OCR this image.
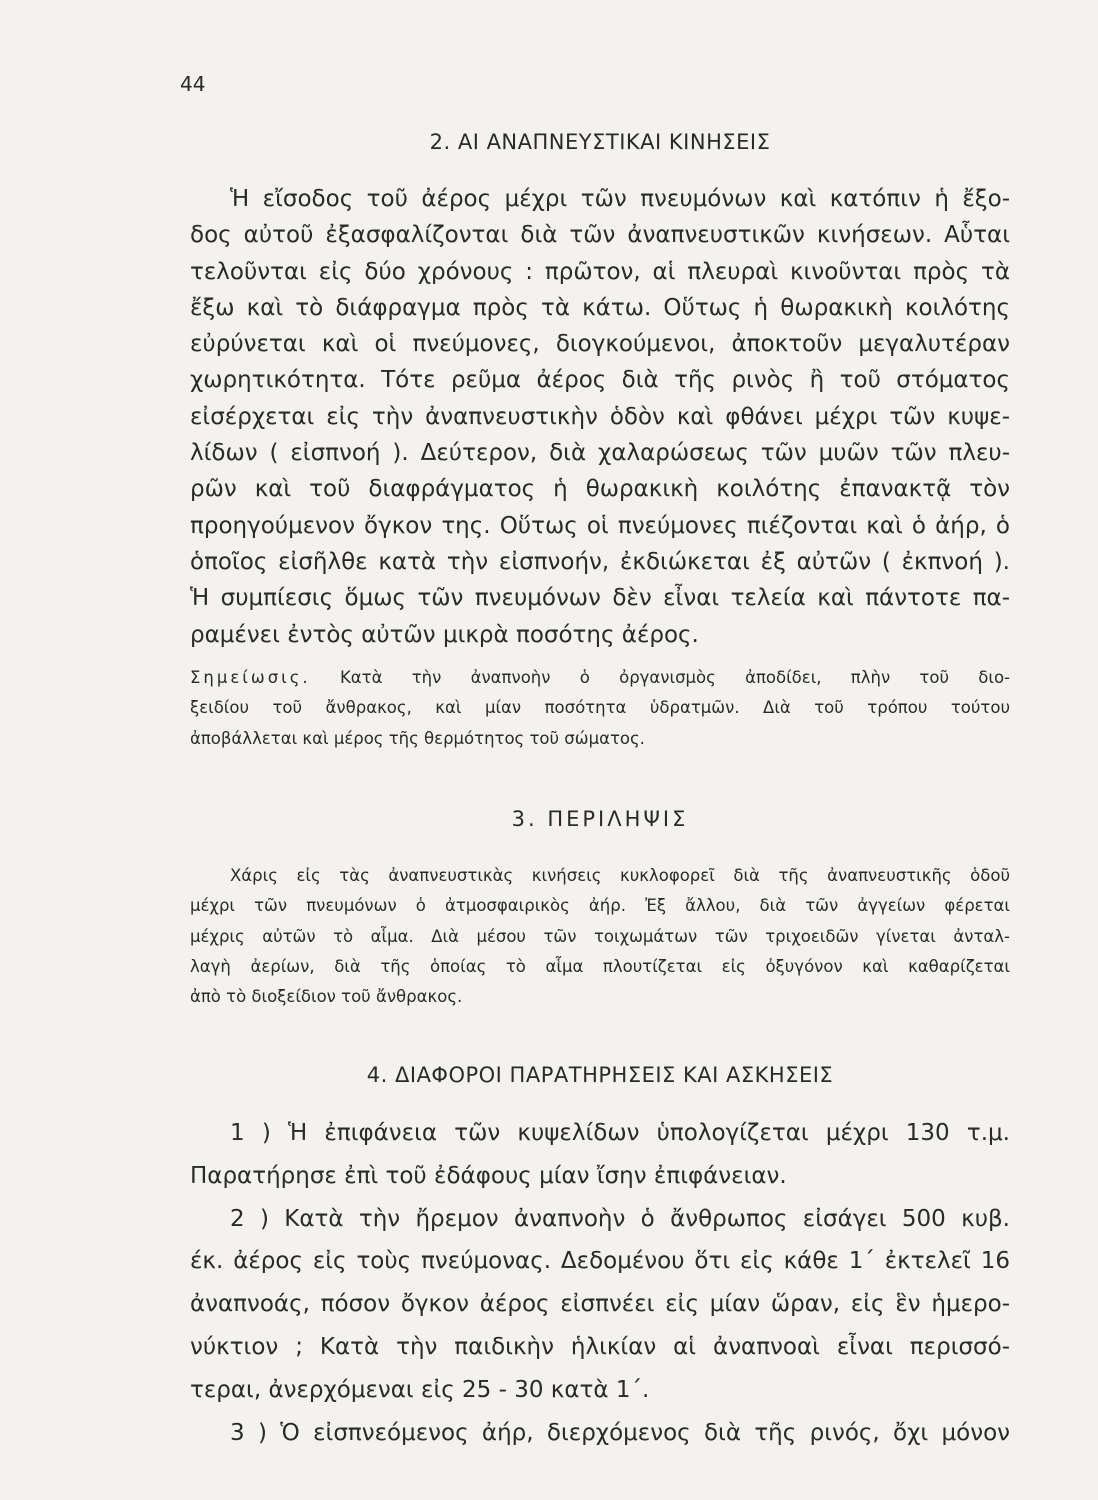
44
2. ΑΙ ΑΝΑΠΝΕΥΣΤΙΚΑΙ ΚΙΝΗΣΕΙΣ
Ἡ εἴσοδος τοῦ ἀέρος μέχρι τῶν πνευμόνων καὶ κατόπιν ἡ ἔξο-
δος αὐτοῦ ἐξασφαλίζονται διὰ τῶν ἀναπνευστικῶν κινήσεων. Αὗται
τελοῦνται εἰς δύο χρόνους : πρῶτον, αἱ πλευραὶ κινοῦνται πρὸς τὰ
ἔξω καὶ τὸ διάφραγμα πρὸς τὰ κάτω. Οὕτως ἡ θωρακικὴ κοιλότης
εὐρύνεται καὶ οἱ πνεύμονες, διογκούμενοι, ἀποκτοῦν μεγαλυτέραν
χωρητικότητα. Τότε ρεῦμα ἀέρος διὰ τῆς ρινὸς ἢ τοῦ στόματος
εἰσέρχεται εἰς τὴν ἀναπνευστικὴν ὁδὸν καὶ φθάνει μέχρι τῶν κυψε-
λίδων ( εἰσπνοή ). Δεύτερον, διὰ χαλαρώσεως τῶν μυῶν τῶν πλευ-
ρῶν καὶ τοῦ διαφράγματος ἡ θωρακικὴ κοιλότης ἐπανακτᾷ τὸν
προηγούμενον ὄγκον της. Οὕτως οἱ πνεύμονες πιέζονται καὶ ὁ ἀήρ, ὁ
ὁποῖος εἰσῆλθε κατὰ τὴν εἰσπνοήν, ἐκδιώκεται ἐξ αὐτῶν ( ἐκπνοή ).
Ἡ συμπίεσις ὅμως τῶν πνευμόνων δὲν εἶναι τελεία καὶ πάντοτε πα-
ραμένει ἐντὸς αὐτῶν μικρὰ ποσότης ἀέρος.
Σημείωσις. Κατὰ τὴν ἀναπνοὴν ὁ ὀργανισμὸς ἀποδίδει, πλὴν τοῦ διο-
ξειδίου τοῦ ἄνθρακος, καὶ μίαν ποσότητα ὑδρατμῶν. Διὰ τοῦ τρόπου τούτου
ἀποβάλλεται καὶ μέρος τῆς θερμότητος τοῦ σώματος.
3. ΠΕΡΙΛΗΨΙΣ
Χάρις εἰς τὰς ἀναπνευστικὰς κινήσεις κυκλοφορεῖ διὰ τῆς ἀναπνευστικῆς ὁδοῦ
μέχρι τῶν πνευμόνων ὁ ἀτμοσφαιρικὸς ἀήρ. Ἐξ ἄλλου, διὰ τῶν ἀγγείων φέρεται
μέχρις αὐτῶν τὸ αἷμα. Διὰ μέσου τῶν τοιχωμάτων τῶν τριχοειδῶν γίνεται ἀνταλ-
λαγὴ ἀερίων, διὰ τῆς ὁποίας τὸ αἷμα πλουτίζεται εἰς ὀξυγόνον καὶ καθαρίζεται
ἀπὸ τὸ διοξείδιον τοῦ ἄνθρακος.
4. ΔΙΑΦΟΡΟΙ ΠΑΡΑΤΗΡΗΣΕΙΣ ΚΑΙ ΑΣΚΗΣΕΙΣ
1 ) Ἡ ἐπιφάνεια τῶν κυψελίδων ὑπολογίζεται μέχρι 130 τ.μ.
Παρατήρησε ἐπὶ τοῦ ἐδάφους μίαν ἴσην ἐπιφάνειαν.
2 ) Κατὰ τὴν ἤρεμον ἀναπνοὴν ὁ ἄνθρωπος εἰσάγει 500 κυβ.
έκ. ἀέρος εἰς τοὺς πνεύμονας. Δεδομένου ὅτι εἰς κάθε 1΄ ἐκτελεῖ 16
ἀναπνοάς, πόσον ὄγκον ἀέρος εἰσπνέει εἰς μίαν ὥραν, εἰς ἓν ἡμερο-
νύκτιον ; Κατὰ τὴν παιδικὴν ἡλικίαν αἱ ἀναπνοαὶ εἶναι περισσό-
τεραι, ἀνερχόμεναι εἰς 25 - 30 κατὰ 1΄.
3 ) Ὁ εἰσπνεόμενος ἀήρ, διερχόμενος διὰ τῆς ρινός, ὄχι μόνον
